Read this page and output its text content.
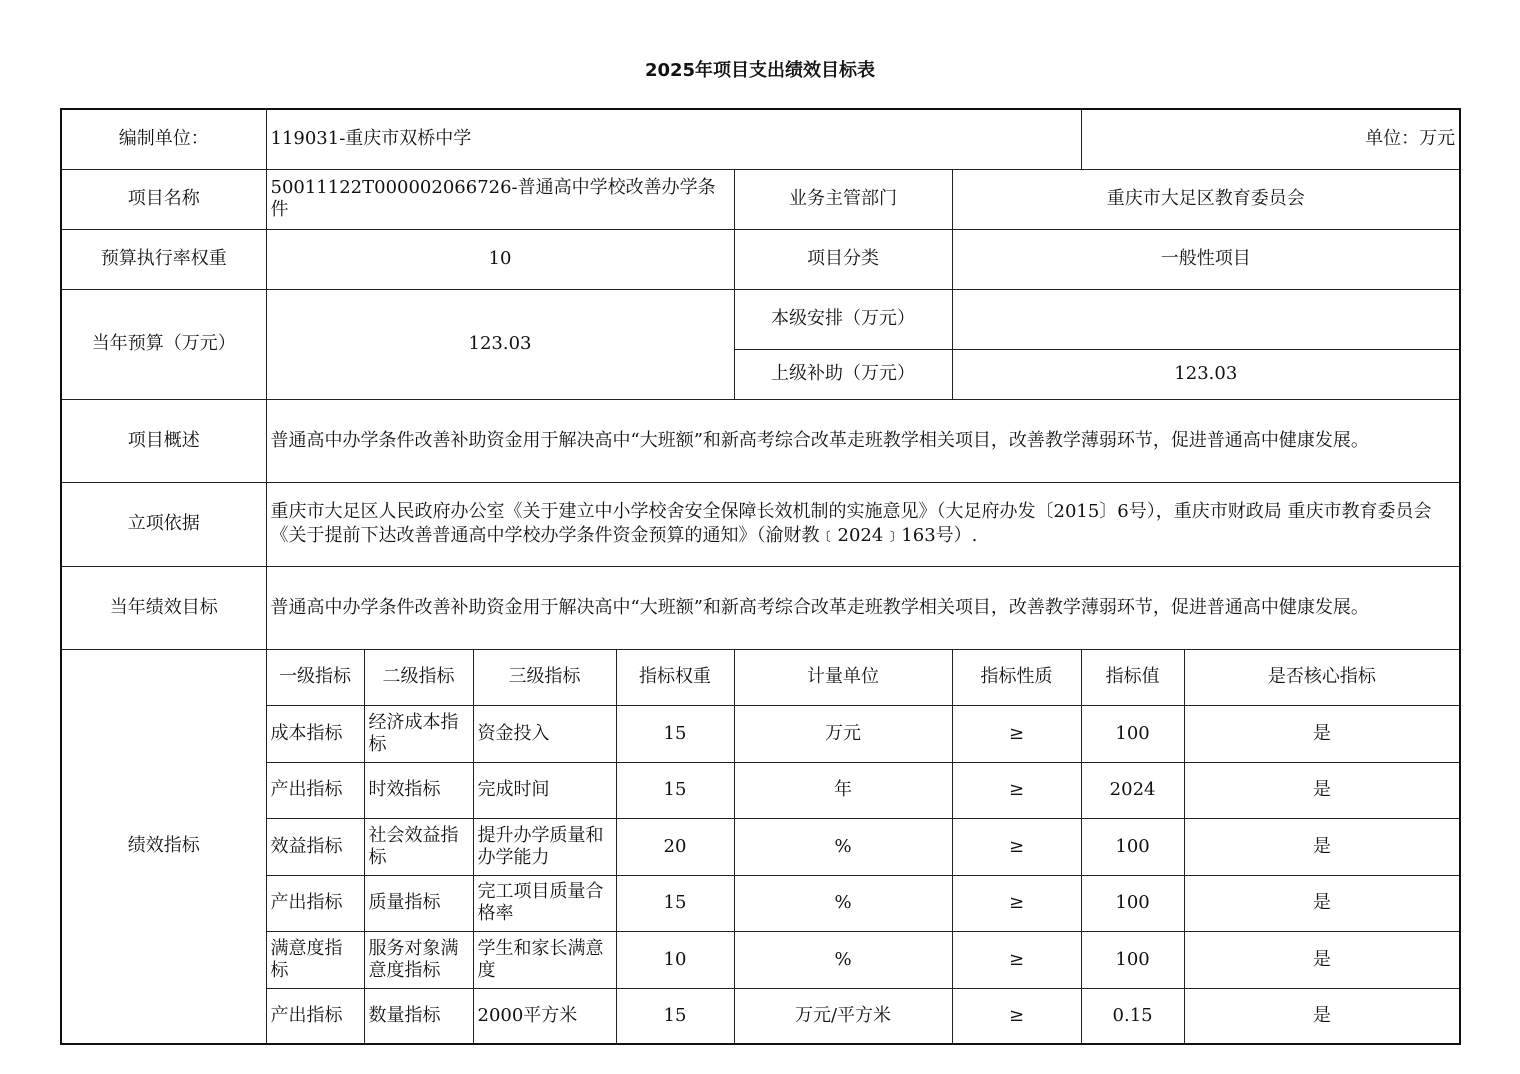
2025年项目支出绩效目标表
编制单位：	119031-重庆市双桥中学						单位：万元	
项目名称	50011122T000002066726-普通高中学校改善办学条件				业务主管部门	重庆市大足区教育委员会		
预算执行率权重	10				项目分类	一般性项目		
当年预算（万元）	123.03				本级安排（万元）			
					上级补助（万元）	123.03		
项目概述	普通高中办学条件改善补助资金用于解决高中“大班额”和新高考综合改革走班教学相关项目，改善教学薄弱环节，促进普通高中健康发展。							
立项依据	重庆市大足区人民政府办公室《关于建立中小学校舍安全保障长效机制的实施意见》（大足府办发〔2015〕6号），重庆市财政局 重庆市教育委员会《关于提前下达改善普通高中学校办学条件资金预算的通知》（渝财教﹝2024﹞163号）.							
当年绩效目标	普通高中办学条件改善补助资金用于解决高中“大班额”和新高考综合改革走班教学相关项目，改善教学薄弱环节，促进普通高中健康发展。							
绩效指标	一级指标	二级指标	三级指标	指标权重	计量单位	指标性质	指标值	是否核心指标
	成本指标	经济成本指标	资金投入	15	万元	≥	100	是
	产出指标	时效指标	完成时间	15	年	≥	2024	是
	效益指标	社会效益指标	提升办学质量和办学能力	20	%	≥	100	是
	产出指标	质量指标	完工项目质量合格率	15	%	≥	100	是
	满意度指标	服务对象满意度指标	学生和家长满意度	10	%	≥	100	是
	产出指标	数量指标	2000平方米	15	万元/平方米	≥	0.15	是
